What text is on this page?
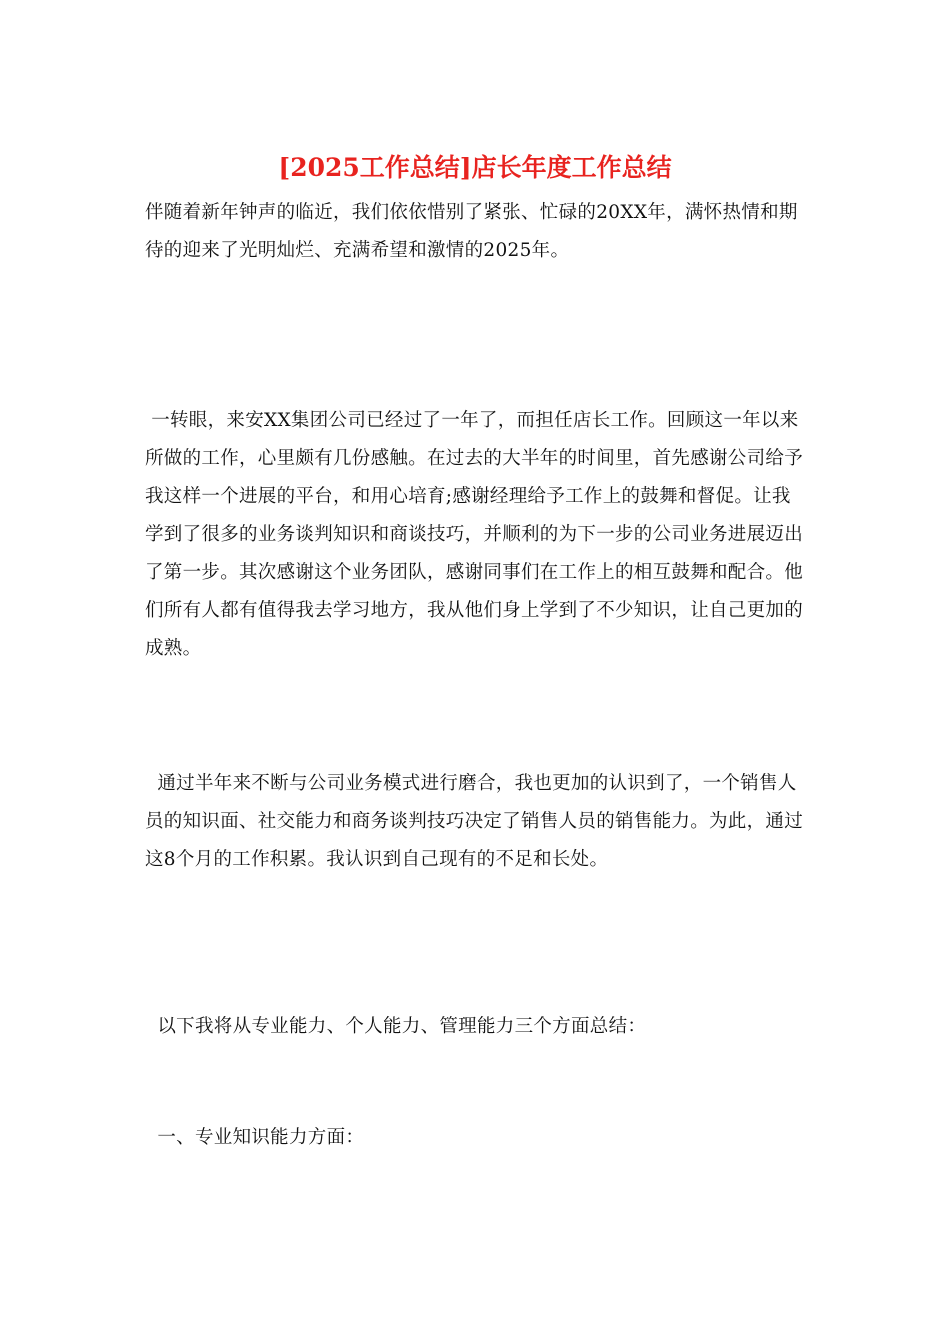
[2025工作总结]店长年度工作总结

伴随着新年钟声的临近，我们依依惜别了紧张、忙碌的20XX年，满怀热情和期待的迎来了光明灿烂、充满希望和激情的2025年。

一转眼，来安XX集团公司已经过了一年了，而担任店长工作。回顾这一年以来所做的工作，心里颇有几份感触。在过去的大半年的时间里，首先感谢公司给予我这样一个进展的平台，和用心培育;感谢经理给予工作上的鼓舞和督促。让我学到了很多的业务谈判知识和商谈技巧，并顺利的为下一步的公司业务进展迈出了第一步。其次感谢这个业务团队，感谢同事们在工作上的相互鼓舞和配合。他们所有人都有值得我去学习地方，我从他们身上学到了不少知识，让自己更加的成熟。

通过半年来不断与公司业务模式进行磨合，我也更加的认识到了，一个销售人员的知识面、社交能力和商务谈判技巧决定了销售人员的销售能力。为此，通过这8个月的工作积累。我认识到自己现有的不足和长处。

以下我将从专业能力、个人能力、管理能力三个方面总结：

一、专业知识能力方面：
